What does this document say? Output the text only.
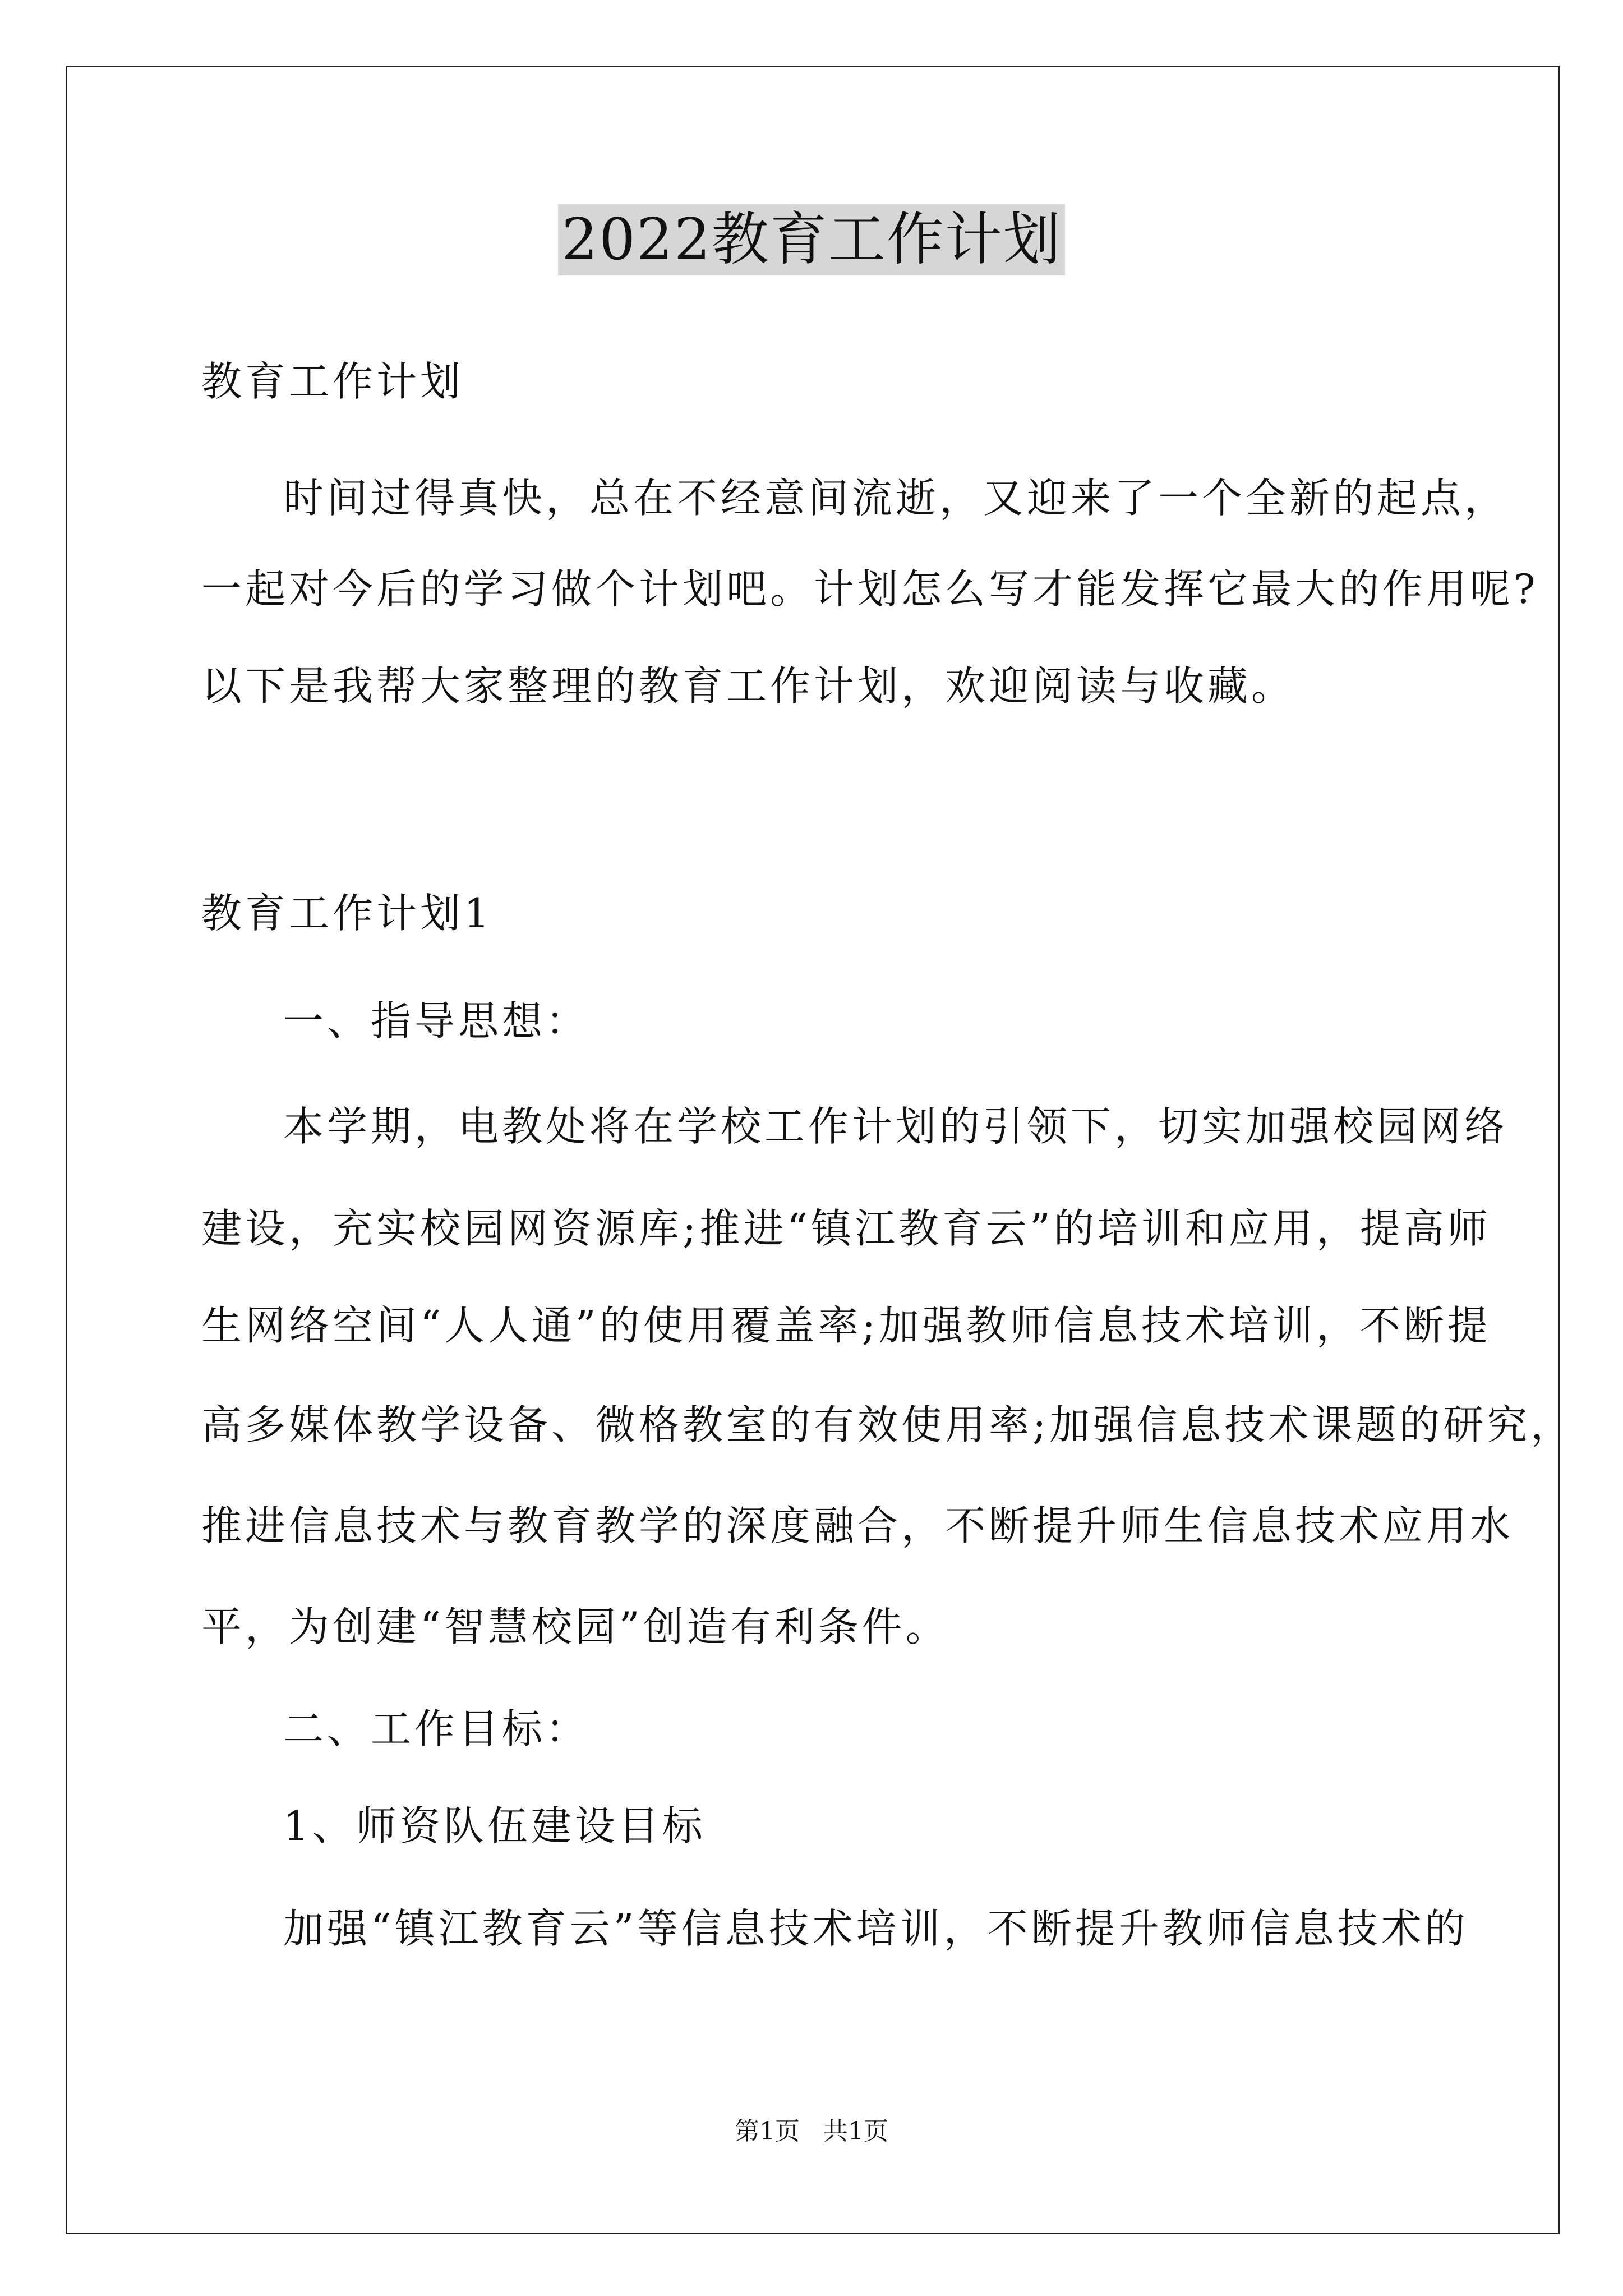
2022教育工作计划
教育工作计划
时间过得真快，总在不经意间流逝，又迎来了一个全新的起点，
一起对今后的学习做个计划吧。计划怎么写才能发挥它最大的作用呢?
以下是我帮大家整理的教育工作计划，欢迎阅读与收藏。
教育工作计划1
一、指导思想：
本学期，电教处将在学校工作计划的引领下，切实加强校园网络
建设，充实校园网资源库;推进“镇江教育云”的培训和应用，提高师
生网络空间“人人通”的使用覆盖率;加强教师信息技术培训，不断提
高多媒体教学设备、微格教室的有效使用率;加强信息技术课题的研究，
推进信息技术与教育教学的深度融合，不断提升师生信息技术应用水
平，为创建“智慧校园”创造有利条件。
二、工作目标：
1、师资队伍建设目标
加强“镇江教育云”等信息技术培训，不断提升教师信息技术的
第1页   共1页
